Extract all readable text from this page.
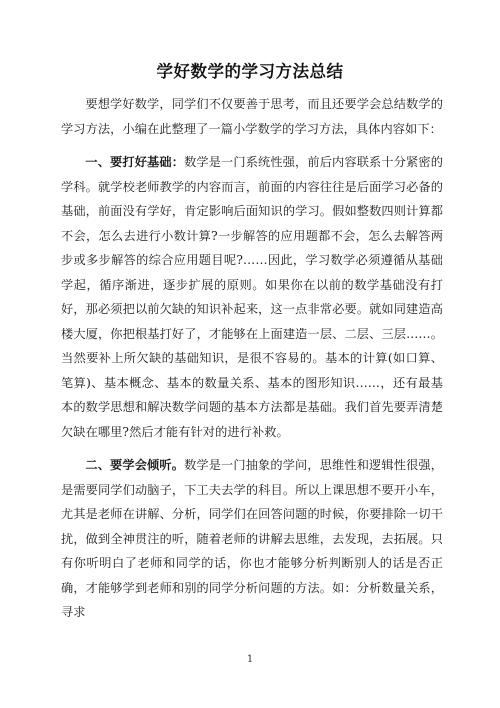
学好数学的学习方法总结

要想学好数学，同学们不仅要善于思考，而且还要学会总结数学的学习方法，小编在此整理了一篇小学数学的学习方法，具体内容如下：

一、要打好基础：数学是一门系统性强，前后内容联系十分紧密的学科。就学校老师教学的内容而言，前面的内容往往是后面学习必备的基础，前面没有学好，肯定影响后面知识的学习。假如整数四则计算都不会，怎么去进行小数计算?一步解答的应用题都不会，怎么去解答两步或多步解答的综合应用题目呢?……因此，学习数学必须遵循从基础学起，循序渐进，逐步扩展的原则。如果你在以前的数学基础没有打好，那必须把以前欠缺的知识补起来，这一点非常必要。就如同建造高楼大厦，你把根基打好了，才能够在上面建造一层、二层、三层……。当然要补上所欠缺的基础知识，是很不容易的。基本的计算(如口算、笔算)、基本概念、基本的数量关系、基本的图形知识……，还有最基本的数学思想和解决数学问题的基本方法都是基础。我们首先要弄清楚欠缺在哪里?然后才能有针对的进行补救。

二、要学会倾听。数学是一门抽象的学问，思维性和逻辑性很强，是需要同学们动脑子，下工夫去学的科目。所以上课思想不要开小车，尤其是老师在讲解、分析，同学们在回答问题的时候，你要排除一切干扰，做到全神贯注的听，随着老师的讲解去思维，去发现，去拓展。只有你听明白了老师和同学的话，你也才能够分析判断别人的话是否正确，才能够学到老师和别的同学分析问题的方法。如：分析数量关系，寻求

1
